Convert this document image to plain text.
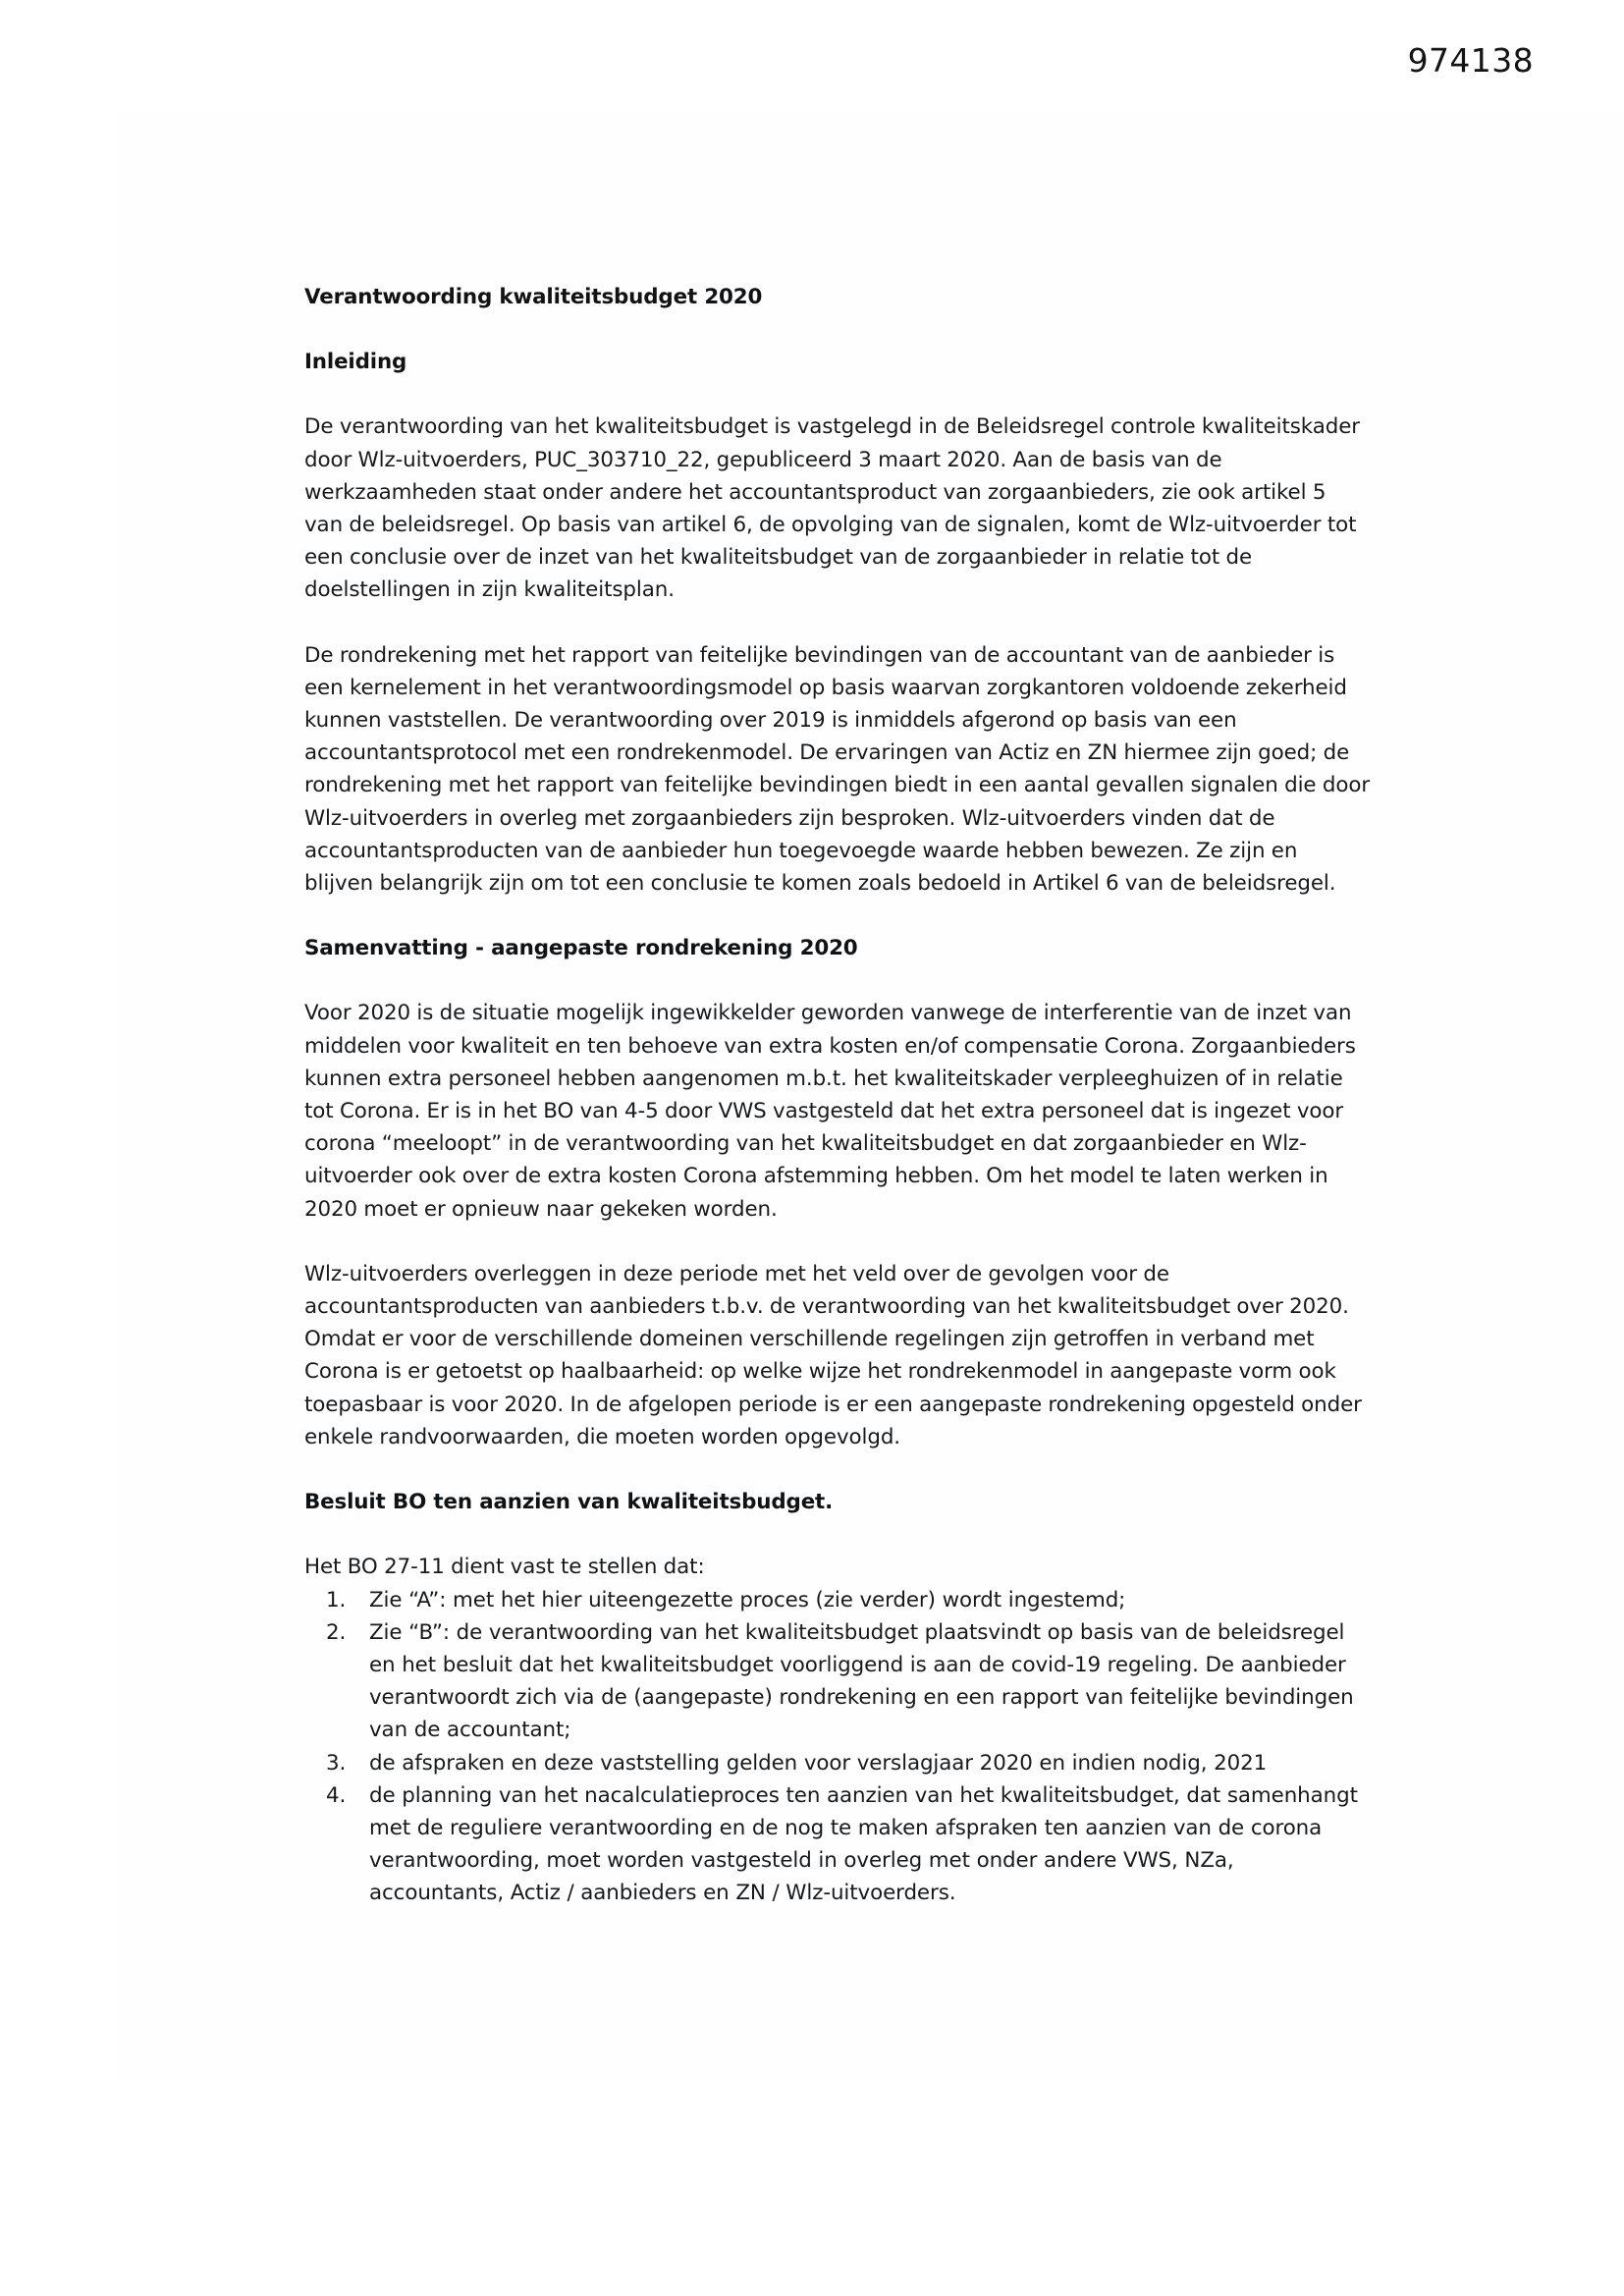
974138
Verantwoording kwaliteitsbudget 2020
Inleiding

De verantwoording van het kwaliteitsbudget is vastgelegd in de Beleidsregel controle kwaliteitskader door Wlz-uitvoerders, PUC_303710_22, gepubliceerd 3 maart 2020. Aan de basis van de werkzaamheden staat onder andere het accountantsproduct van zorgaanbieders, zie ook artikel 5 van de beleidsregel. Op basis van artikel 6, de opvolging van de signalen, komt de Wlz-uitvoerder tot een conclusie over de inzet van het kwaliteitsbudget van de zorgaanbieder in relatie tot de doelstellingen in zijn kwaliteitsplan.

De rondrekening met het rapport van feitelijke bevindingen van de accountant van de aanbieder is een kernelement in het verantwoordingsmodel op basis waarvan zorgkantoren voldoende zekerheid kunnen vaststellen. De verantwoording over 2019 is inmiddels afgerond op basis van een accountantsprotocol met een rondrekenmodel. De ervaringen van Actiz en ZN hiermee zijn goed; de rondrekening met het rapport van feitelijke bevindingen biedt in een aantal gevallen signalen die door Wlz-uitvoerders in overleg met zorgaanbieders zijn besproken. Wlz-uitvoerders vinden dat de accountantsproducten van de aanbieder hun toegevoegde waarde hebben bewezen. Ze zijn en blijven belangrijk zijn om tot een conclusie te komen zoals bedoeld in Artikel 6 van de beleidsregel.

Samenvatting - aangepaste rondrekening 2020

Voor 2020 is de situatie mogelijk ingewikkelder geworden vanwege de interferentie van de inzet van middelen voor kwaliteit en ten behoeve van extra kosten en/of compensatie Corona. Zorgaanbieders kunnen extra personeel hebben aangenomen m.b.t. het kwaliteitskader verpleeghuizen of in relatie tot Corona. Er is in het BO van 4-5 door VWS vastgesteld dat het extra personeel dat is ingezet voor corona “meeloopt” in de verantwoording van het kwaliteitsbudget en dat zorgaanbieder en Wlz-uitvoerder ook over de extra kosten Corona afstemming hebben. Om het model te laten werken in 2020 moet er opnieuw naar gekeken worden.

Wlz-uitvoerders overleggen in deze periode met het veld over de gevolgen voor de accountantsproducten van aanbieders t.b.v. de verantwoording van het kwaliteitsbudget over 2020. Omdat er voor de verschillende domeinen verschillende regelingen zijn getroffen in verband met Corona is er getoetst op haalbaarheid: op welke wijze het rondrekenmodel in aangepaste vorm ook toepasbaar is voor 2020. In de afgelopen periode is er een aangepaste rondrekening opgesteld onder enkele randvoorwaarden, die moeten worden opgevolgd.

Besluit BO ten aanzien van kwaliteitsbudget.

Het BO 27-11 dient vast te stellen dat:

Zie “A”: met het hier uiteengezette proces (zie verder) wordt ingestemd;
Zie “B”: de verantwoording van het kwaliteitsbudget plaatsvindt op basis van de beleidsregel en het besluit dat het kwaliteitsbudget voorliggend is aan de covid-19 regeling. De aanbieder verantwoordt zich via de (aangepaste) rondrekening en een rapport van feitelijke bevindingen van de accountant;
de afspraken en deze vaststelling gelden voor verslagjaar 2020 en indien nodig, 2021
de planning van het nacalculatieproces ten aanzien van het kwaliteitsbudget, dat samenhangt met de reguliere verantwoording en de nog te maken afspraken ten aanzien van de corona verantwoording, moet worden vastgesteld in overleg met onder andere VWS, NZa, accountants, Actiz / aanbieders en ZN / Wlz-uitvoerders.
